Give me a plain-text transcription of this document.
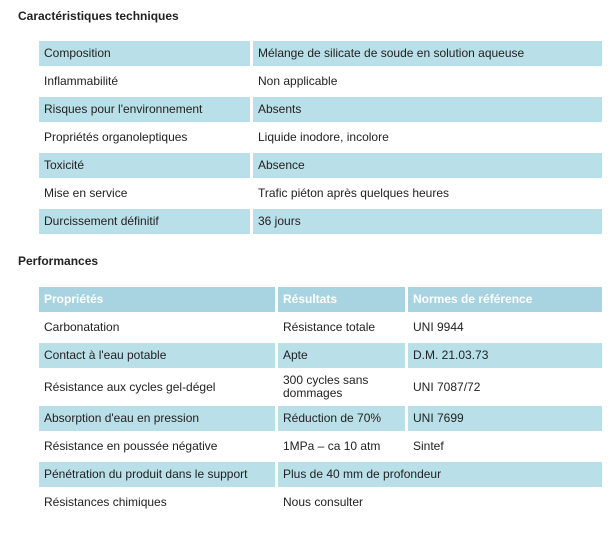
Caractéristiques techniques
Composition	Mélange de silicate de soude en solution aqueuse
Inflammabilité	Non applicable
Risques pour l'environnement	Absents
Propriétés organoleptiques	Liquide inodore, incolore
Toxicité	Absence
Mise en service	Trafic piéton après quelques heures
Durcissement définitif	36 jours
Performances
Propriétés	Résultats	Normes de référence
Carbonatation	Résistance totale	UNI 9944
Contact à l'eau potable	Apte	D.M. 21.03.73
Résistance aux cycles gel-dégel	300 cycles sans dommages	UNI 7087/72
Absorption d'eau en pression	Réduction de 70%	UNI 7699
Résistance en poussée négative	1MPa – ca 10 atm	Sintef
Pénétration du produit dans le support	Plus de 40 mm de profondeur	
Résistances chimiques	Nous consulter	
